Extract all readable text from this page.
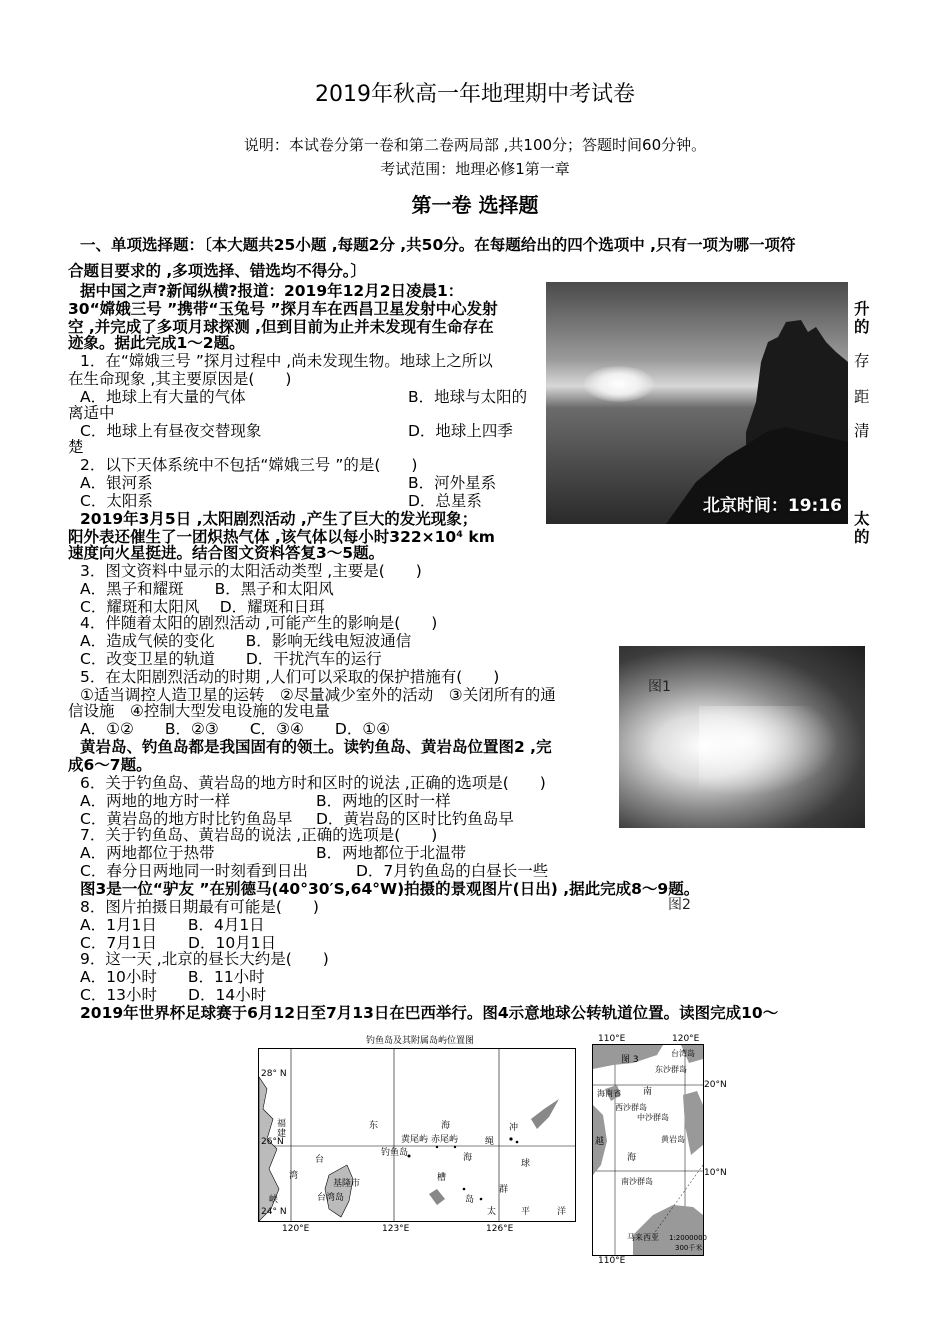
2019年秋高一年地理期中考试卷
说明：本试卷分第一卷和第二卷两局部 ,共100分；答题时间60分钟。
考试范围：地理必修1第一章
第一卷 选择题
一、单项选择题：〔本大题共25小题 ,每题2分 ,共50分。在每题给出的四个选项中 ,只有一项为哪一项符
合题目要求的 ,多项选择、错选均不得分。〕
北京时间：19:16
图1
图2
据中国之声?新闻纵横?报道：2019年12月2日凌晨1：
升
30“嫦娥三号 ”携带“玉兔号 ”探月车在西昌卫星发射中心发射
的
空 ,并完成了多项月球探测 ,但到目前为止并未发现有生命存在
迹象。据此完成1～2题。
1．在“嫦娥三号 ”探月过程中 ,尚未发现生物。地球上之所以	存
在生命现象 ,其主要原因是(　　)
A．地球上有大量的气体	B．地球与太阳的	距
离适中
C．地球上有昼夜交替现象	D．地球上四季	清
楚
2．以下天体系统中不包括“嫦娥三号 ”的是(　　)
A．银河系	B．河外星系
C．太阳系	D．总星系
2019年3月5日 ,太阳剧烈活动 ,产生了巨大的发光现象；	太
阳外表还催生了一团炽热气体 ,该气体以每小时322×10⁴ km	的
速度向火星挺进。结合图文资料答复3～5题。
3．图文资料中显示的太阳活动类型 ,主要是(　　)
A．黑子和耀斑　　B．黑子和太阳风
C．耀斑和太阳风　 D．耀斑和日珥
4．伴随着太阳的剧烈活动 ,可能产生的影响是(　　)
A．造成气候的变化　　B．影响无线电短波通信
C．改变卫星的轨道　　D．干扰汽车的运行
5．在太阳剧烈活动的时期 ,人们可以采取的保护措施有(　　)
①适当调控人造卫星的运转　②尽量减少室外的活动　③关闭所有的通
信设施　④控制大型发电设施的发电量
A．①②　　B．②③　　C．③④　　D．①④
黄岩岛、钓鱼岛都是我国固有的领土。读钓鱼岛、黄岩岛位置图2 ,完
成6～7题。
6．关于钓鱼岛、黄岩岛的地方时和区时的说法 ,正确的选项是(　　)
A．两地的地方时一样	B．两地的区时一样
C．黄岩岛的地方时比钓鱼岛早 D．黄岩岛的区时比钓鱼岛早
7．关于钓鱼岛、黄岩岛的说法 ,正确的选项是(　　)
A．两地都位于热带	B．两地都位于北温带
C．春分日两地同一时刻看到日出	D．7月钓鱼岛的白昼长一些
图3是一位“驴友 ”在别德马(40°30′S,64°W)拍摄的景观图片(日出) ,据此完成8～9题。
8．图片拍摄日期最有可能是(　　)
A．1月1日　　B．4月1日
C．7月1日　　D．10月1日
9．这一天 ,北京的昼长大约是(　　)
A．10小时　　B．11小时
C．13小时　　D．14小时
2019年世界杯足球赛于6月12日至7月13日在巴西举行。图4示意地球公转轨道位置。读图完成10～
钓鱼岛及其附属岛屿位置图
28° N
26°N
24° N
福
建
东	海
黄尾屿 赤尾屿	绳
冲
钓鱼岛
台	海
球
湾	槽
基隆市
群
岛
台湾岛
峡
太	平	洋
120°E	123°E	126°E
110°E	120°E
图 3
台湾岛
东沙群岛
海南省 南
西沙群岛
中沙群岛
越	黄岩岛
海
南沙群岛
马来西亚 1:2000000
300千米
20°N
10°N
110°E
